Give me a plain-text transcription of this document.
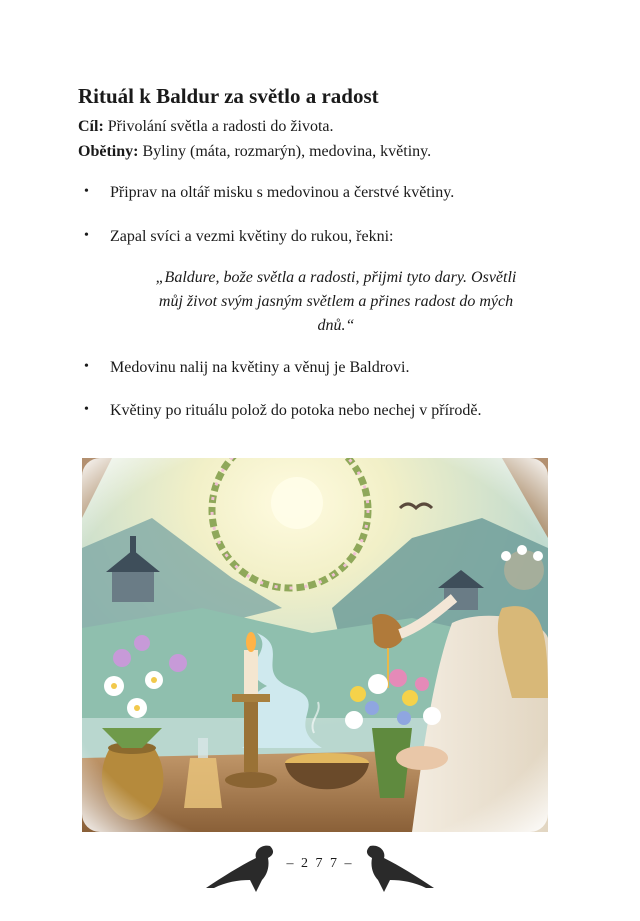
Rituál k Baldur za světlo a radost
Cíl: Přivolání světla a radosti do života.
Obětiny: Byliny (máta, rozmarýn), medovina, květiny.
•	Připrav na oltář misku s medovinou a čerstvé květiny.
•	Zapal svíci a vezmi květiny do rukou, řekni:
„Baldure, bože světla a radosti, přijmi tyto dary. Osvětli
můj život svým jasným světlem a přines radost do mých
dnů.“
•	Medovinu nalij na květiny a věnuj je Baldrovi.
•	Květiny po rituálu polož do potoka nebo nechej v přírodě.
– 2 7 7 –
